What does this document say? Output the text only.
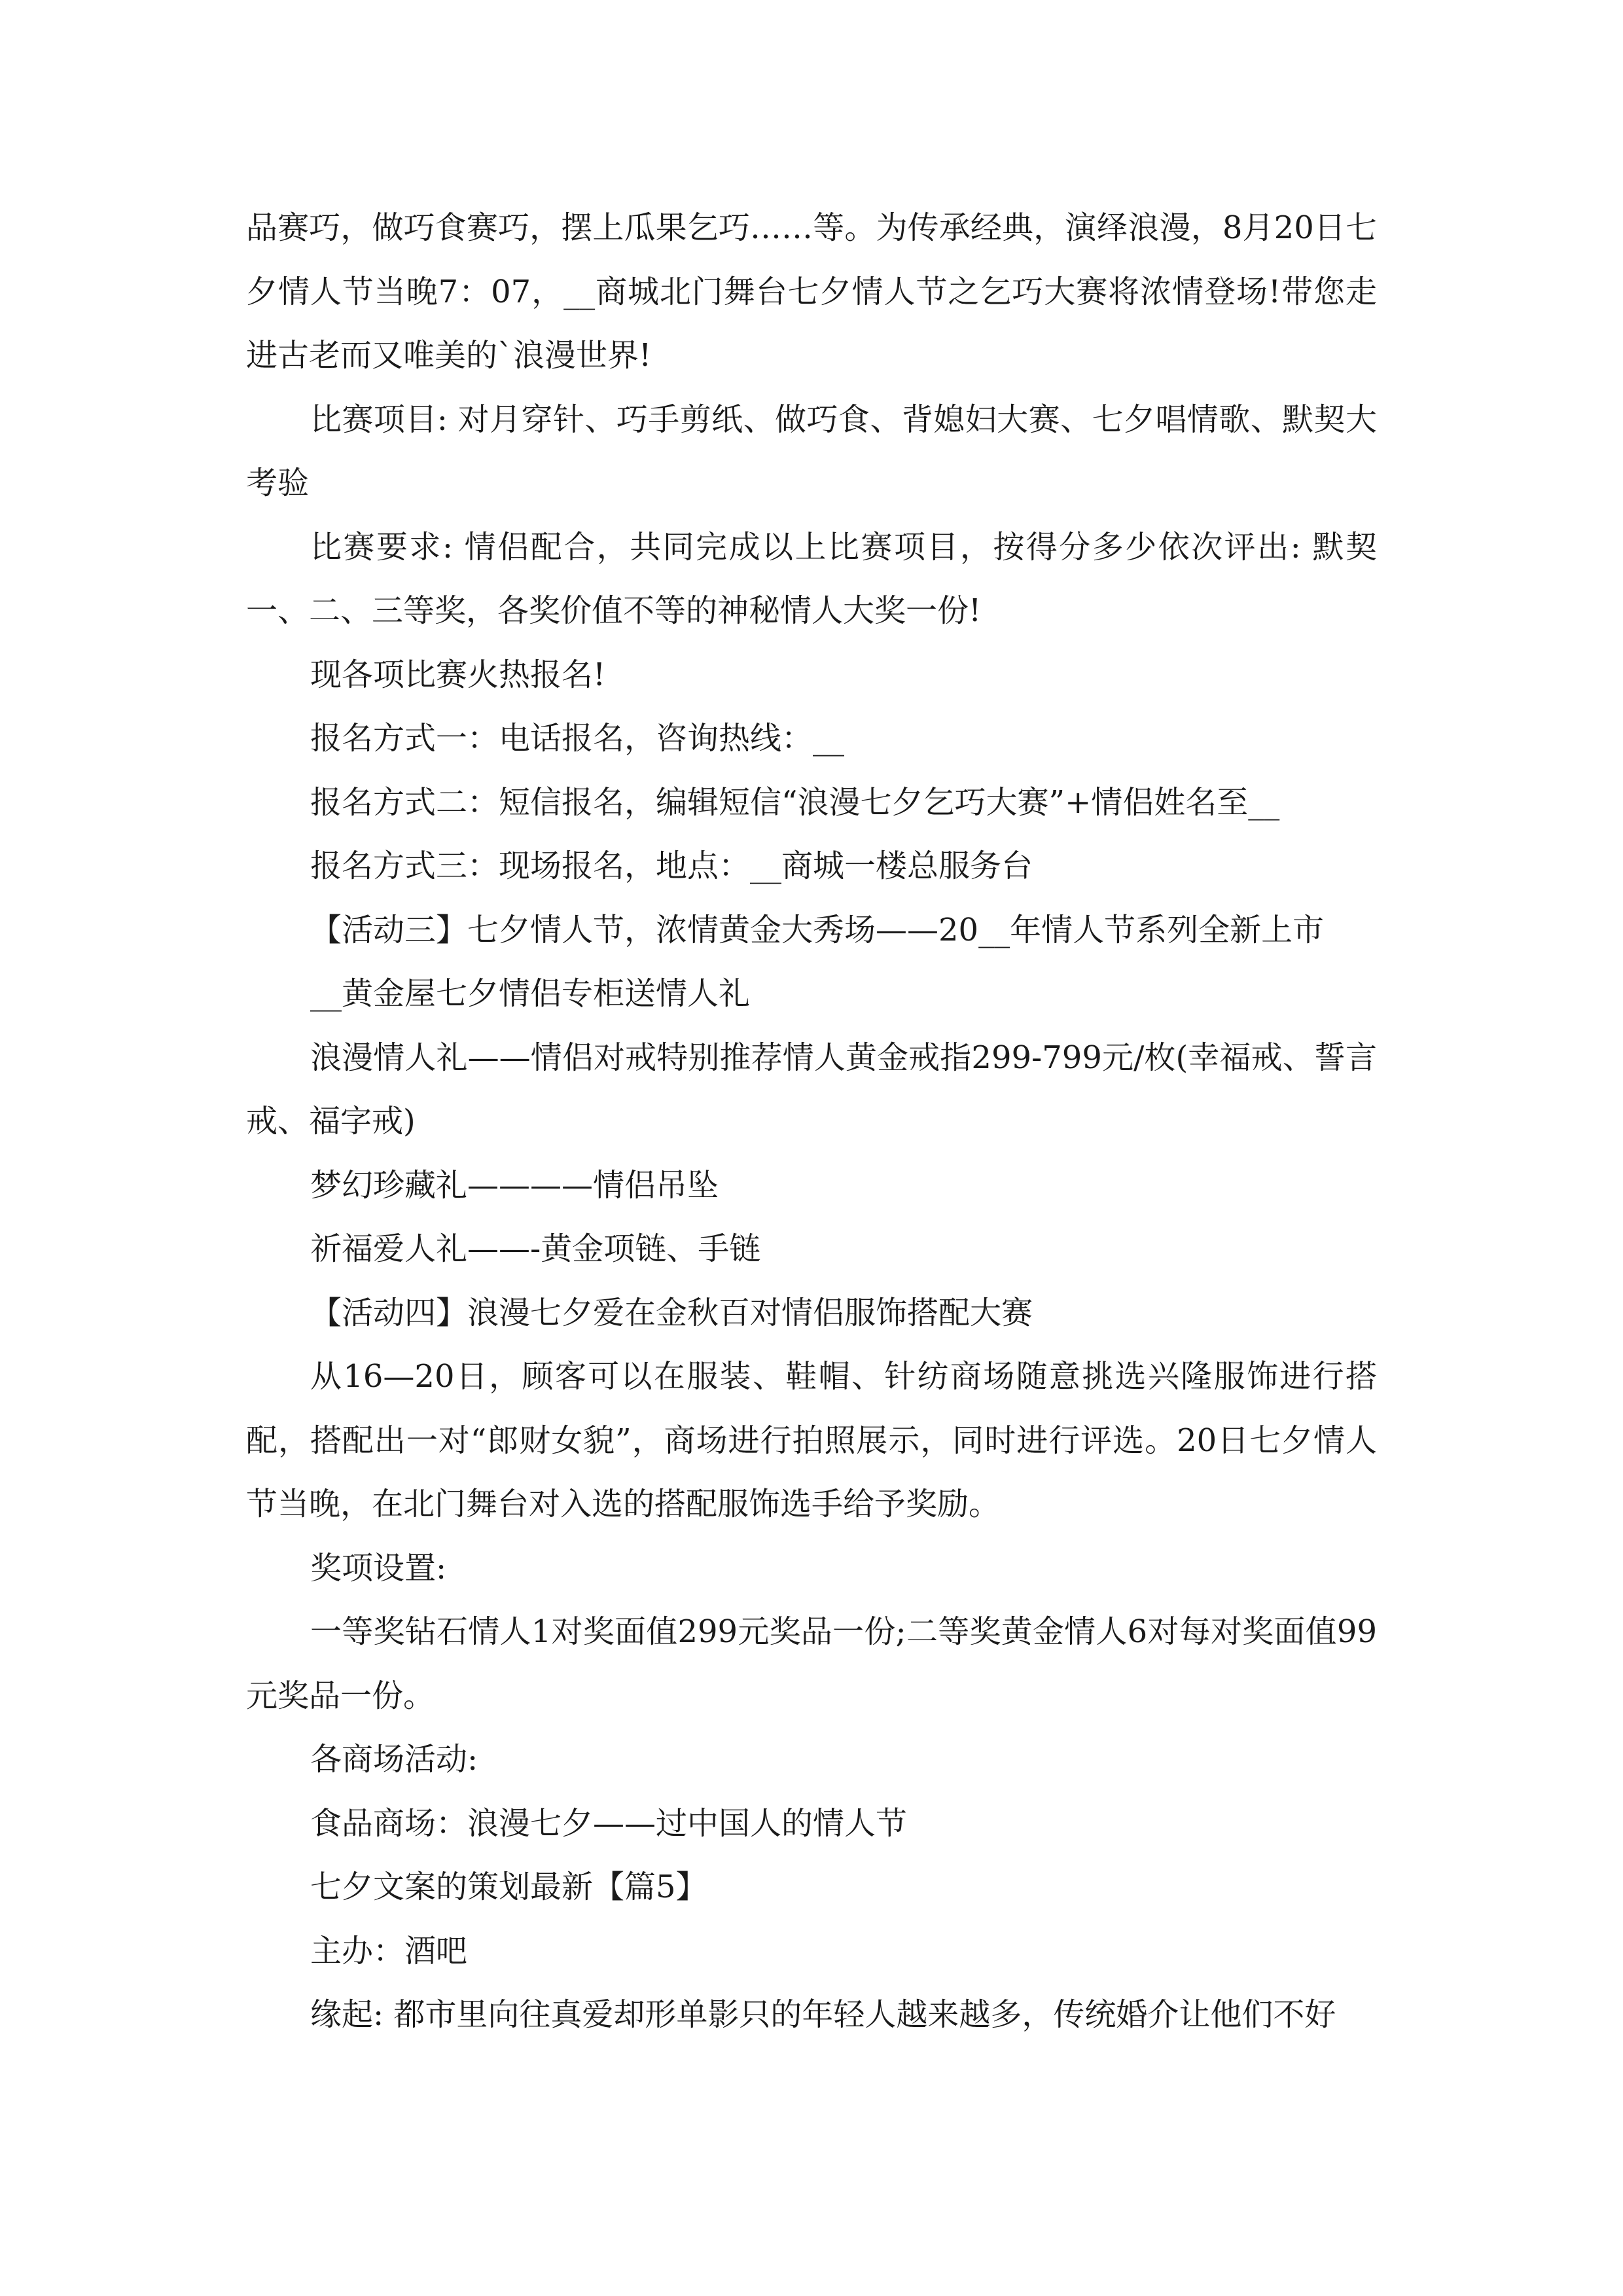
品赛巧，做巧食赛巧，摆上瓜果乞巧……等。为传承经典，演绎浪漫，8月20日七夕情人节当晚7：07，__商城北门舞台七夕情人节之乞巧大赛将浓情登场!带您走进古老而又唯美的`浪漫世界!

比赛项目: 对月穿针、巧手剪纸、做巧食、背媳妇大赛、七夕唱情歌、默契大考验

比赛要求: 情侣配合，共同完成以上比赛项目，按得分多少依次评出: 默契一、二、三等奖，各奖价值不等的神秘情人大奖一份!

现各项比赛火热报名!

报名方式一：电话报名，咨询热线：__

报名方式二：短信报名，编辑短信“浪漫七夕乞巧大赛”+情侣姓名至__

报名方式三：现场报名，地点：__商城一楼总服务台

【活动三】七夕情人节，浓情黄金大秀场——20__年情人节系列全新上市

__黄金屋七夕情侣专柜送情人礼

浪漫情人礼——情侣对戒特别推荐情人黄金戒指299-799元/枚(幸福戒、誓言戒、福字戒)

梦幻珍藏礼————情侣吊坠

祈福爱人礼——-黄金项链、手链

【活动四】浪漫七夕爱在金秋百对情侣服饰搭配大赛

从16—20日，顾客可以在服装、鞋帽、针纺商场随意挑选兴隆服饰进行搭配，搭配出一对“郎财女貌”，商场进行拍照展示，同时进行评选。20日七夕情人节当晚，在北门舞台对入选的搭配服饰选手给予奖励。

奖项设置:

一等奖钻石情人1对奖面值299元奖品一份;二等奖黄金情人6对每对奖面值99元奖品一份。

各商场活动:

食品商场：浪漫七夕——过中国人的情人节

七夕文案的策划最新【篇5】

主办：酒吧

缘起: 都市里向往真爱却形单影只的年轻人越来越多，传统婚介让他们不好
